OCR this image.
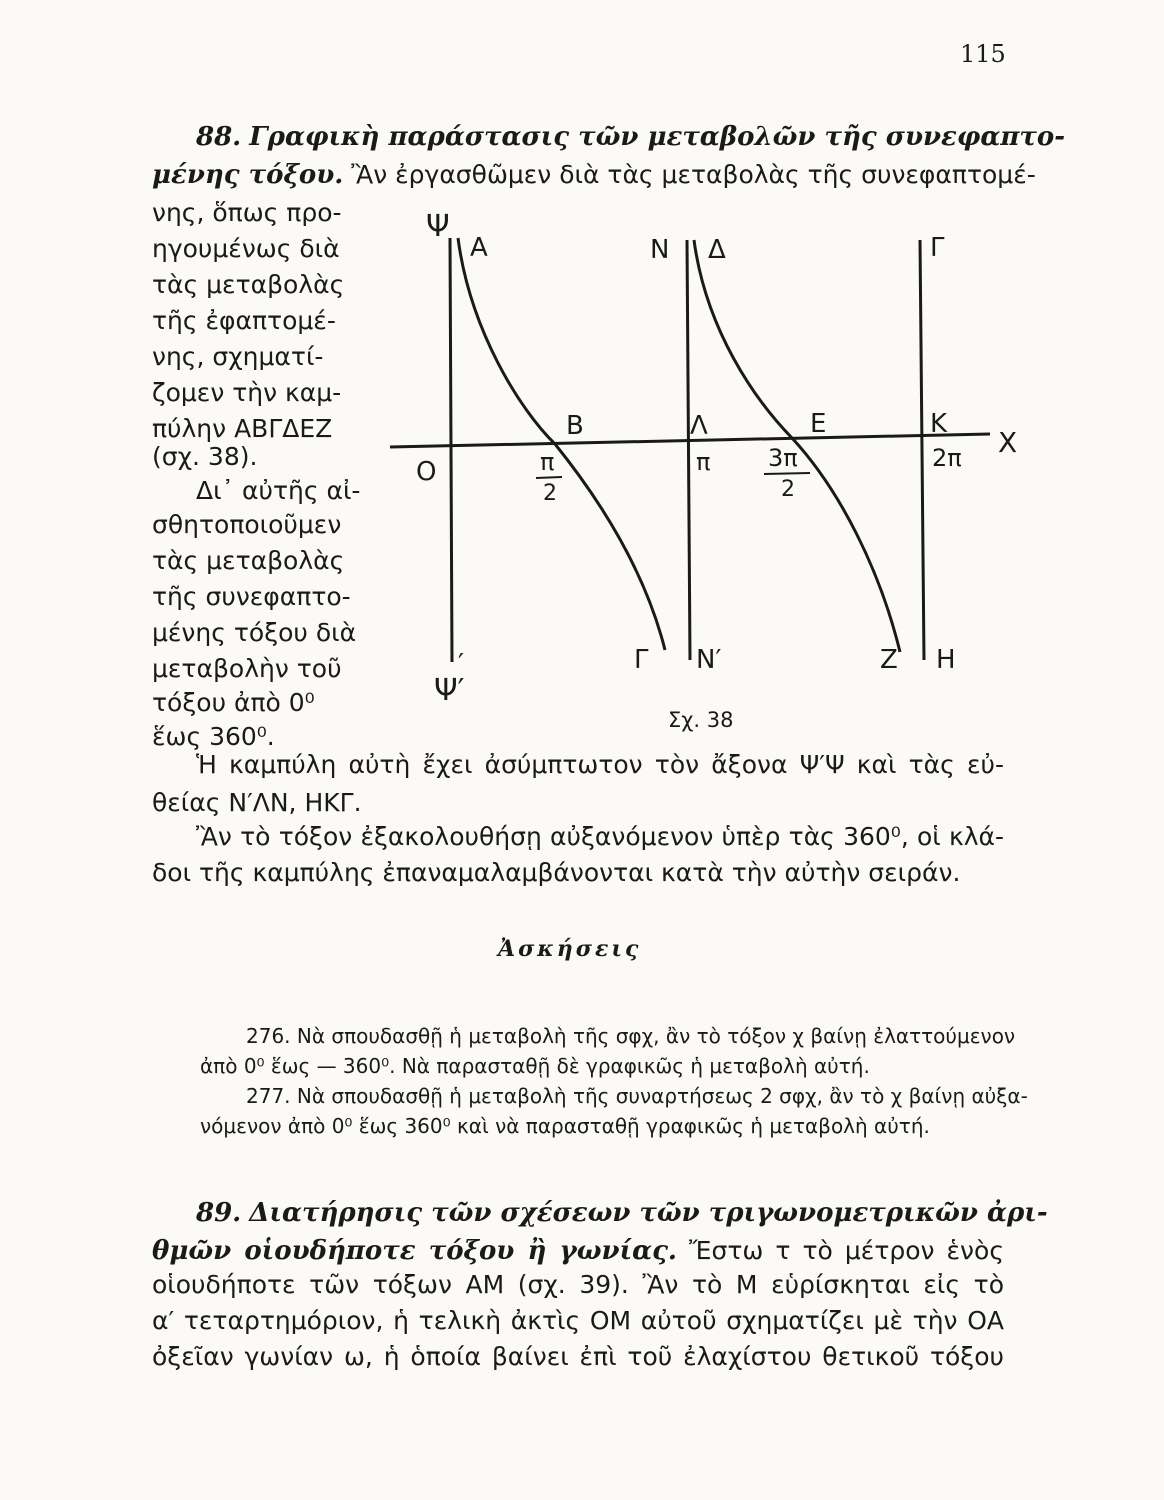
115
88. Γραφικὴ παράστασις τῶν μεταβολῶν τῆς συνεφαπτο-
μένης τόξου. Ἂν ἐργασθῶμεν διὰ τὰς μεταβολὰς τῆς συνεφαπτομέ-
νης, ὅπως προ-
ηγουμένως διὰ
τὰς μεταβολὰς
τῆς ἐφαπτομέ-
νης, σχηματί-
ζομεν τὴν καμ-
πύλην ΑΒΓΔΕΖ
(σχ. 38).
Δι᾽ αὐτῆς αἰ-
σθητοποιοῦμεν
τὰς μεταβολὰς
τῆς συνεφαπτο-
μένης τόξου διὰ
μεταβολὴν τοῦ
τόξου ἀπὸ 0⁰
ἕως 360⁰.
Ψ
Α	Ν Δ	Γ
Β	Λ	Ε	Κ
Χ
Ο	π
2
π 3π
2
2π
Ψ′
Γ
′	Ν′	Ζ Η
Σχ. 38
Ἡ καμπύλη αὐτὴ ἔχει ἀσύμπτωτον τὸν ἄξονα Ψ′Ψ καὶ τὰς εὐ-
θείας Ν′ΛΝ, ΗΚΓ.
Ἂν τὸ τόξον ἐξακολουθήσῃ αὐξανόμενον ὑπὲρ τὰς 360⁰, οἱ κλά-
δοι τῆς καμπύλης ἐπαναμαλαμβάνονται κατὰ τὴν αὐτὴν σειράν.
Ἀσκήσεις
276. Νὰ σπουδασθῇ ἡ μεταβολὴ τῆς σφχ, ἂν τὸ τόξον χ βαίνῃ ἐλαττούμενον
ἀπὸ 0⁰ ἕως — 360⁰. Νὰ παρασταθῇ δὲ γραφικῶς ἡ μεταβολὴ αὐτή.
277. Νὰ σπουδασθῇ ἡ μεταβολὴ τῆς συναρτήσεως 2 σφχ, ἂν τὸ χ βαίνῃ αὐξα-
νόμενον ἀπὸ 0⁰ ἕως 360⁰ καὶ νὰ παρασταθῇ γραφικῶς ἡ μεταβολὴ αὐτή.
89. Διατήρησις τῶν σχέσεων τῶν τριγωνομετρικῶν ἀρι-
θμῶν οἱουδήποτε τόξου ἢ γωνίας. Ἔστω τ τὸ μέτρον ἑνὸς
οἱουδήποτε τῶν τόξων ΑΜ (σχ. 39). Ἂν τὸ Μ εὑρίσκηται εἰς τὸ
α′ τεταρτημόριον, ἡ τελικὴ ἀκτὶς ΟΜ αὐτοῦ σχηματίζει μὲ τὴν ΟΑ
ὀξεῖαν γωνίαν ω, ἡ ὁποία βαίνει ἐπὶ τοῦ ἐλαχίστου θετικοῦ τόξου
